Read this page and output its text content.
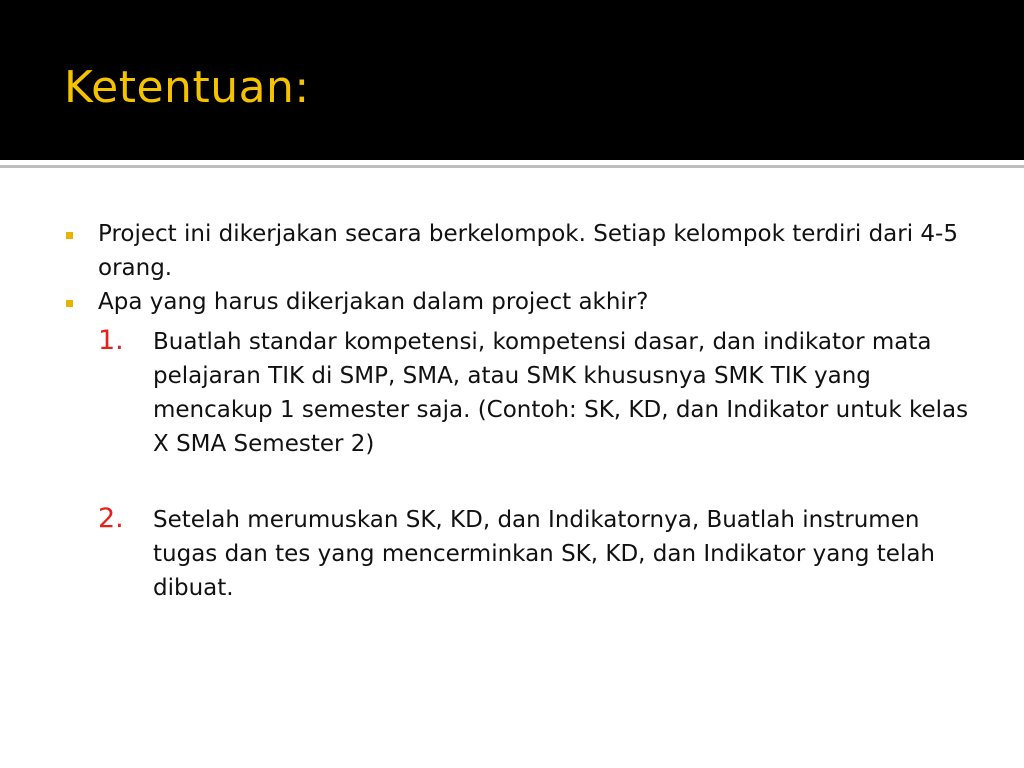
Ketentuan:
Project ini dikerjakan secara berkelompok. Setiap kelompok terdiri dari 4-5 orang.
Apa yang harus dikerjakan dalam project akhir?
1. Buatlah standar kompetensi, kompetensi dasar, dan indikator mata pelajaran TIK di SMP, SMA, atau SMK khususnya SMK TIK yang mencakup 1 semester saja. (Contoh: SK, KD, dan Indikator untuk kelas X SMA Semester 2)
2. Setelah merumuskan SK, KD, dan Indikatornya, Buatlah instrumen tugas dan tes yang mencerminkan SK, KD, dan Indikator yang telah dibuat.
